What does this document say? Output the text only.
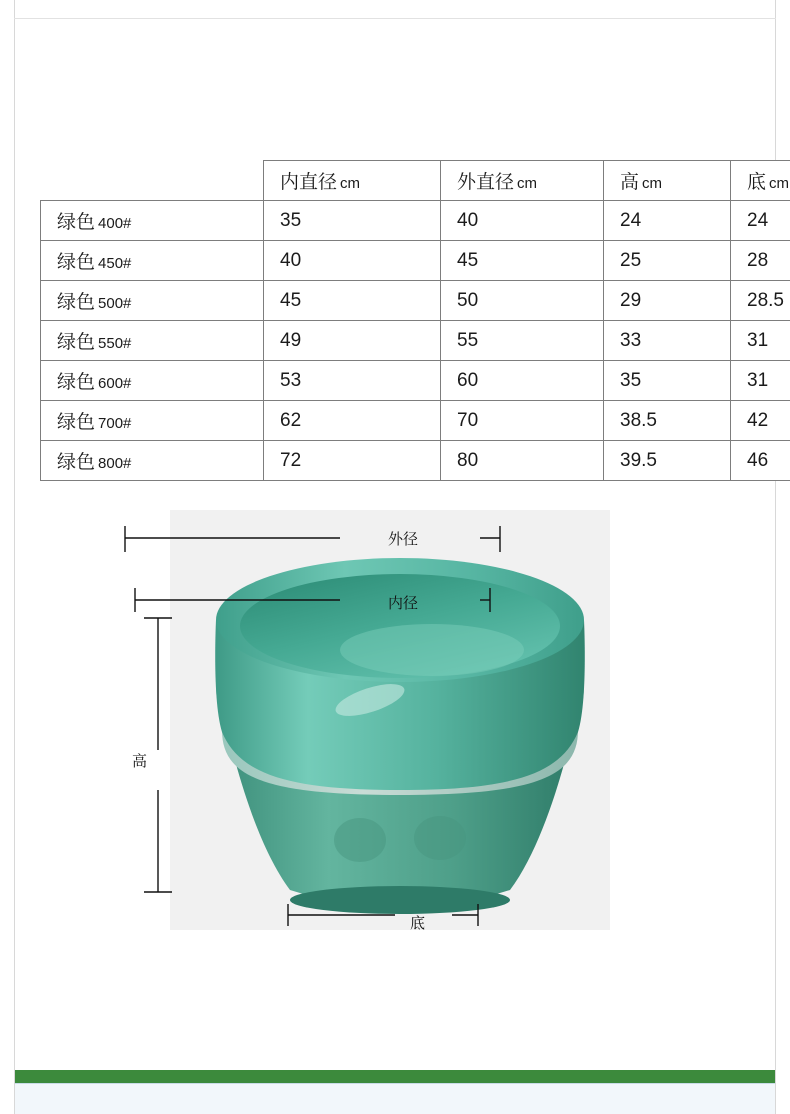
	内直径 cm	外直径 cm	高 cm	底 cm
绿色 400#	35	40	24	24
绿色 450#	40	45	25	28
绿色 500#	45	50	29	28.5
绿色 550#	49	55	33	31
绿色 600#	53	60	35	31
绿色 700#	62	70	38.5	42
绿色 800#	72	80	39.5	46
外径
内径
高
底
